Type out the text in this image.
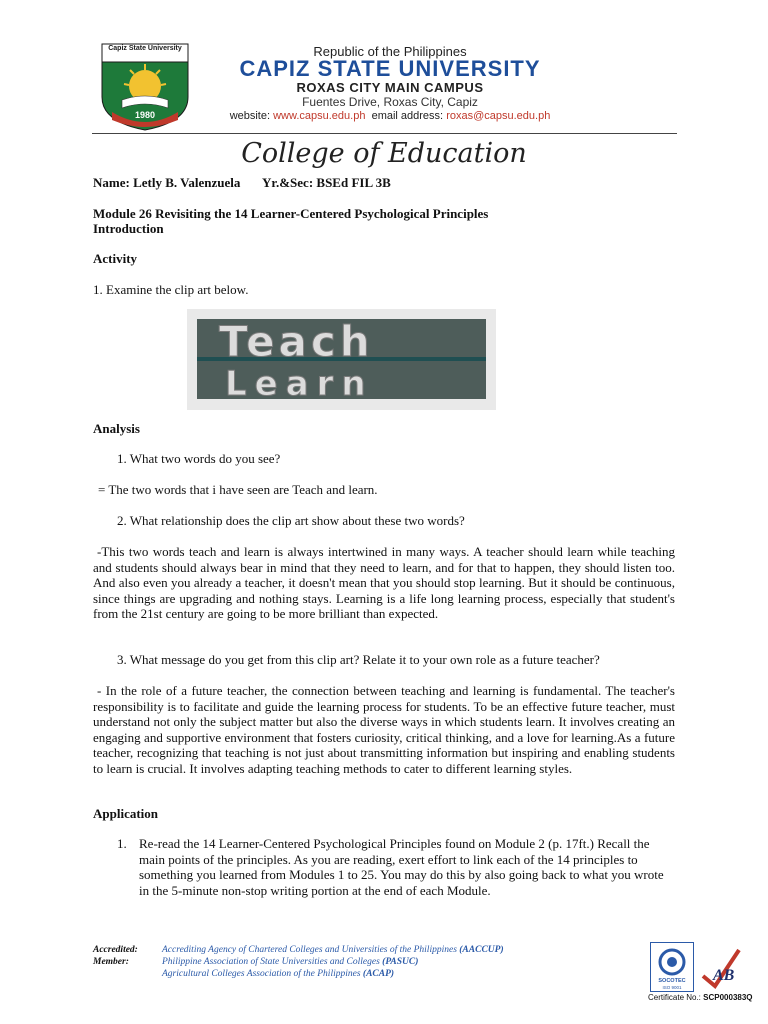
Capiz State University
1980
Republic of the Philippines
CAPIZ STATE UNIVERSITY
ROXAS CITY MAIN CAMPUS
Fuentes Drive, Roxas City, Capiz
website: www.capsu.edu.ph email address: roxas@capsu.edu.ph
College of Education
Name: Letly B. Valenzuela Yr.&Sec: BSEd FIL 3B
Module 26 Revisiting the 14 Learner-Centered Psychological Principles
Introduction
Activity
1. Examine the clip art below.
Teach
Learn
Analysis
1. What two words do you see?
= The two words that i have seen are Teach and learn.
2. What relationship does the clip art show about these two words?
-This two words teach and learn is always intertwined in many ways. A teacher should learn while teaching and students should always bear in mind that they need to learn, and for that to happen, they should listen too. And also even you already a teacher, it doesn't mean that you should stop learning. But it should be continuous, since things are upgrading and nothing stays. Learning is a life long learning process, especially that student's from the 21st century are going to be more brilliant than expected.
3. What message do you get from this clip art? Relate it to your own role as a future teacher?
- In the role of a future teacher, the connection between teaching and learning is fundamental. The teacher's responsibility is to facilitate and guide the learning process for students. To be an effective future teacher, must understand not only the subject matter but also the diverse ways in which students learn. It involves creating an engaging and supportive environment that fosters curiosity, critical thinking, and a love for learning.As a future teacher, recognizing that teaching is not just about transmitting information but inspiring and enabling students to learn is crucial. It involves adapting teaching methods to cater to different learning styles.
Application
1. Re-read the 14 Learner-Centered Psychological Principles found on Module 2 (p. 17ft.) Recall the main points of the principles. As you are reading, exert effort to link each of the 14 principles to something you learned from Modules 1 to 25. You may do this by also going back to what you wrote in the 5-minute non-stop writing portion at the end of each Module.
Accredited:
Member:
Accrediting Agency of Chartered Colleges and Universities of the Philippines (AACCUP)
Philippine Association of State Universities and Colleges (PASUC)
Agricultural Colleges Association of the Philippines (ACAP)
SOCOTEC
ISO 9001
AB
Certificate No.: SCP000383Q
